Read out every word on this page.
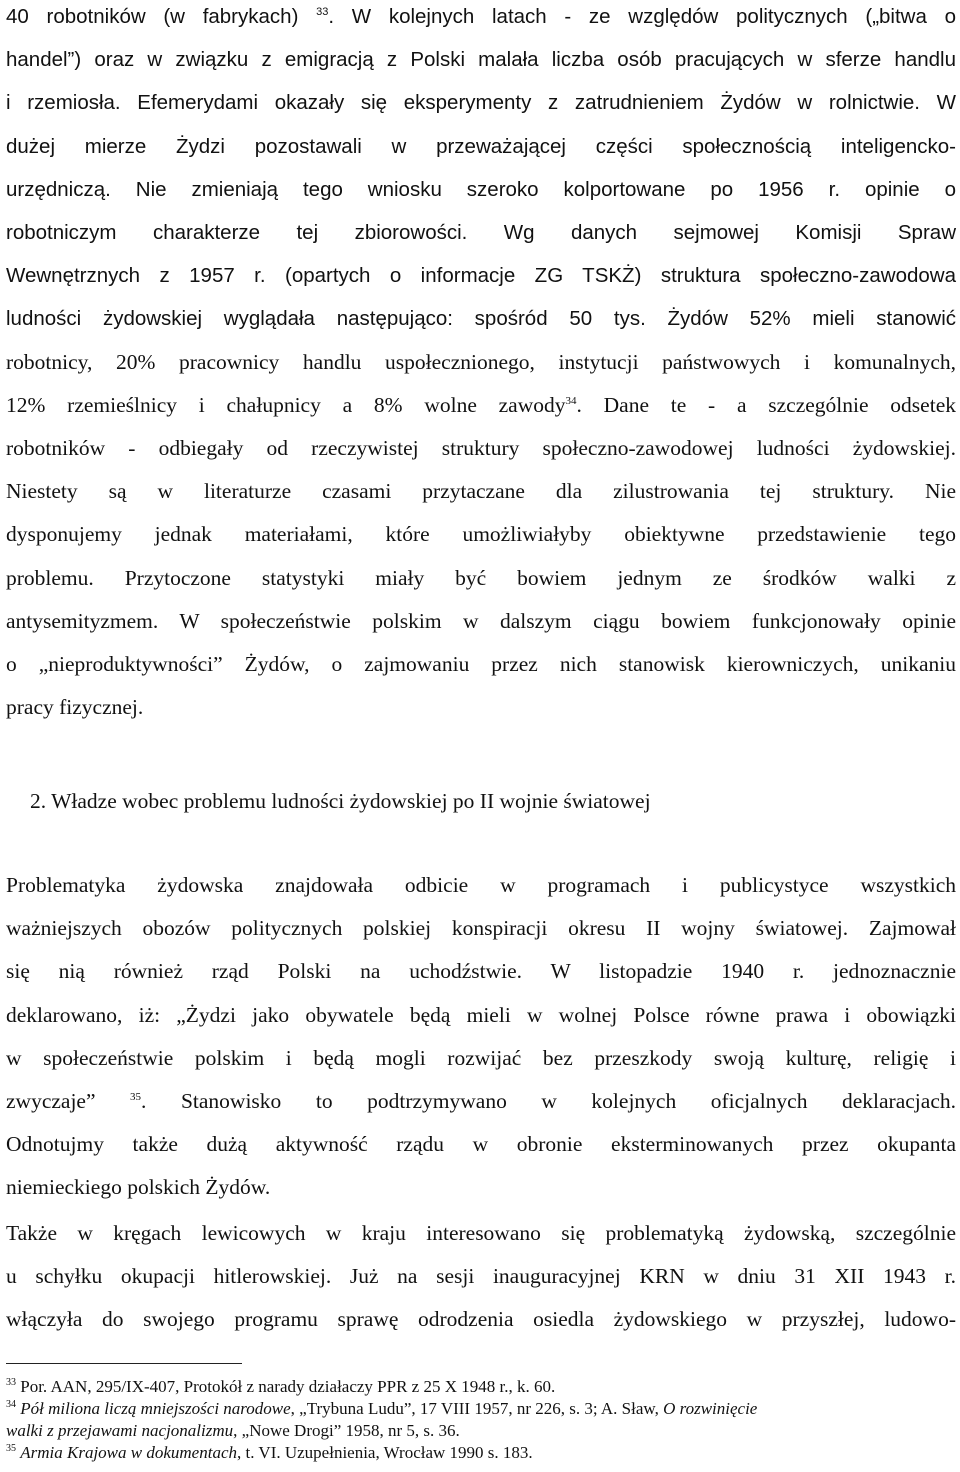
40 robotników (w fabrykach) $^{33}$. W kolejnych latach - ze względów politycznych („bitwa o
handel”) oraz w związku z emigracją z Polski malała liczba osób pracujących w sferze handlu
i rzemiosła. Efemerydami okazały się eksperymenty z zatrudnieniem Żydów w rolnictwie. W
dużej mierze Żydzi pozostawali w przeważającej części społecznością inteligencko-
urzędniczą. Nie zmieniają tego wniosku szeroko kolportowane po 1956 r. opinie o
robotniczym charakterze tej zbiorowości. Wg danych sejmowej Komisji Spraw
Wewnętrznych z 1957 r. (opartych o informacje ZG TSKŻ) struktura społeczno-zawodowa
ludności żydowskiej wyglądała następująco: spośród 50 tys. Żydów 52% mieli stanowić
robotnicy, 20% pracownicy handlu uspołecznionego, instytucji państwowych i komunalnych,
12% rzemieślnicy i chałupnicy a 8% wolne zawody$^{34}$. Dane te - a szczególnie odsetek
robotników - odbiegały od rzeczywistej struktury społeczno-zawodowej ludności żydowskiej.
Niestety są w literaturze czasami przytaczane dla zilustrowania tej struktury. Nie
dysponujemy jednak materiałami, które umożliwiałyby obiektywne przedstawienie tego
problemu. Przytoczone statystyki miały być bowiem jednym ze środków walki z
antysemityzmem. W społeczeństwie polskim w dalszym ciągu bowiem funkcjonowały opinie
o „nieproduktywności” Żydów, o zajmowaniu przez nich stanowisk kierowniczych, unikaniu
pracy fizycznej.
2. Władze wobec problemu ludności żydowskiej po II wojnie światowej
Problematyka żydowska znajdowała odbicie w programach i publicystyce wszystkich
ważniejszych obozów politycznych polskiej konspiracji okresu II wojny światowej. Zajmował
się nią również rząd Polski na uchodźstwie. W listopadzie 1940 r. jednoznacznie
deklarowano, iż: „Żydzi jako obywatele będą mieli w wolnej Polsce równe prawa i obowiązki
w społeczeństwie polskim i będą mogli rozwijać bez przeszkody swoją kulturę, religię i
zwyczaje” $^{35}$. Stanowisko to podtrzymywano w kolejnych oficjalnych deklaracjach.
Odnotujmy także dużą aktywność rządu w obronie eksterminowanych przez okupanta
niemieckiego polskich Żydów.
Także w kręgach lewicowych w kraju interesowano się problematyką żydowską, szczególnie
u schyłku okupacji hitlerowskiej. Już na sesji inauguracyjnej KRN w dniu 31 XII 1943 r.
włączyła do swojego programu sprawę odrodzenia osiedla żydowskiego w przyszłej, ludowo-
$^{33}$ Por. AAN, 295/IX-407, Protokół z narady działaczy PPR z 25 X 1948 r., k. 60.
$^{34}$ Pół miliona liczą mniejszości narodowe, „Trybuna Ludu”, 17 VIII 1957, nr 226, s. 3; A. Sław, O rozwinięcie
walki z przejawami nacjonalizmu, „Nowe Drogi” 1958, nr 5, s. 36.
$^{35}$ Armia Krajowa w dokumentach, t. VI. Uzupełnienia, Wrocław 1990 s. 183.
